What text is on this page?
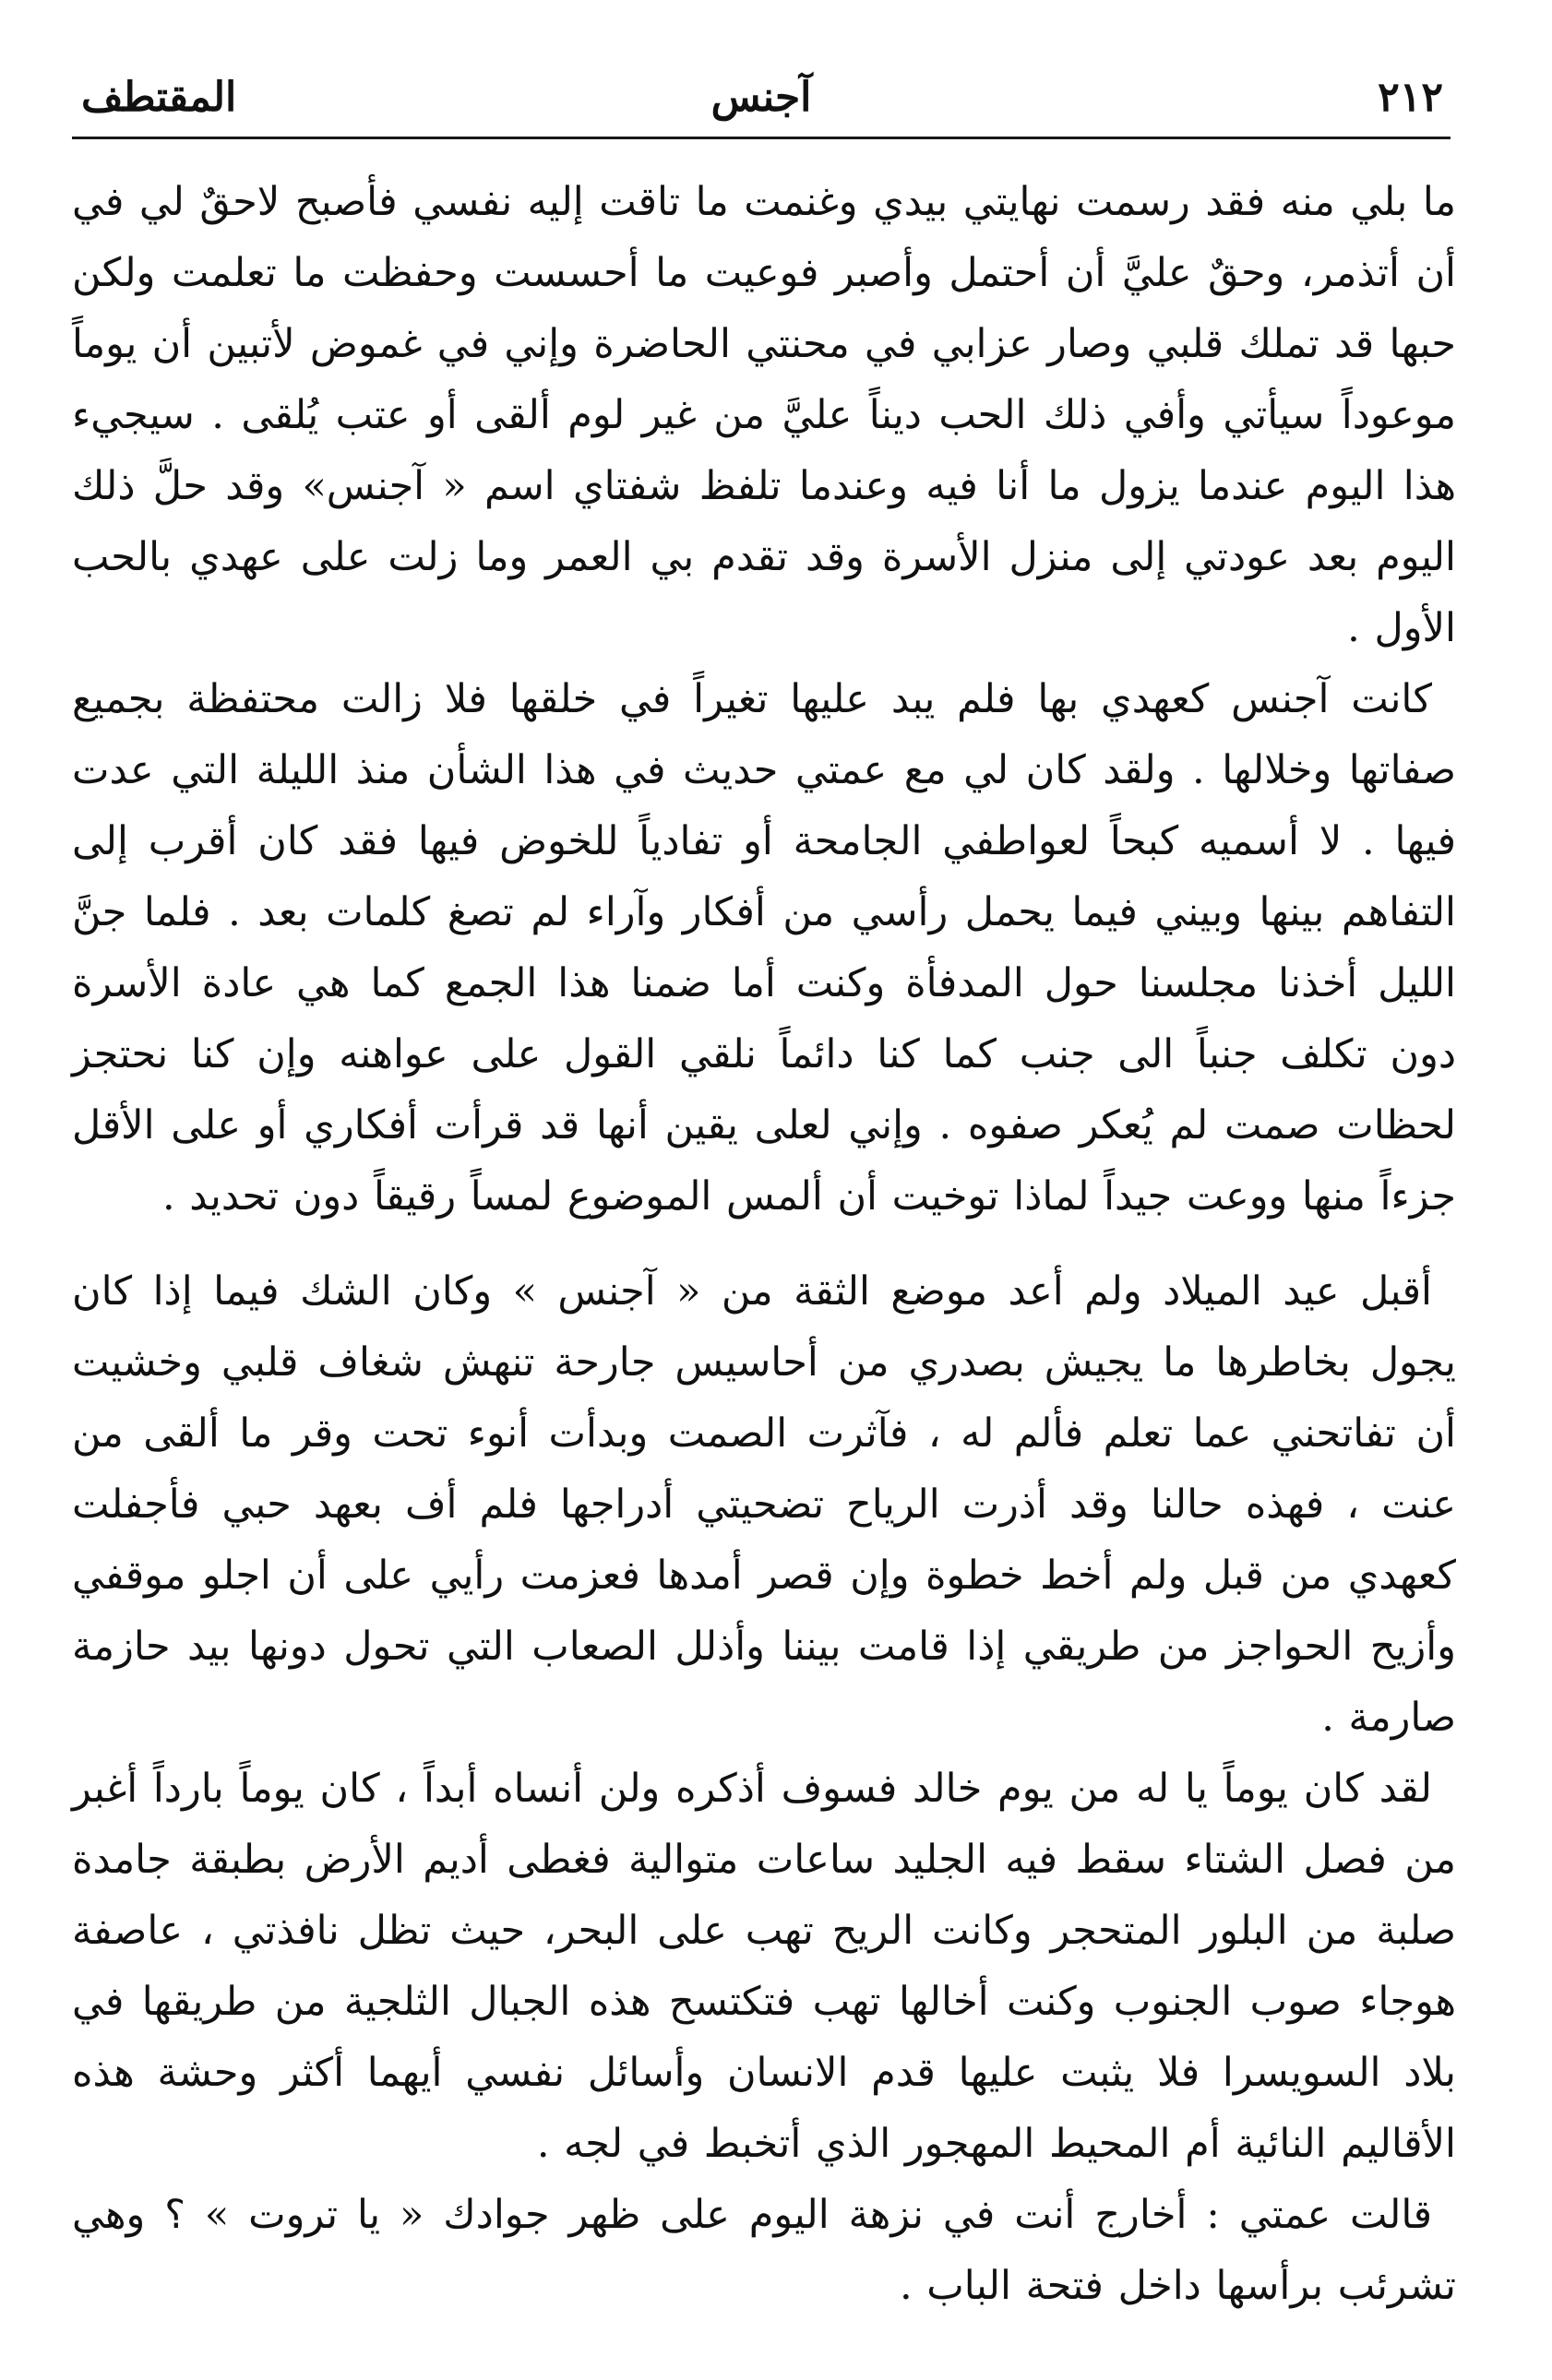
٢١٢
آجنس
المقتطف

ما بلي منه فقد رسمت نهايتي بيدي وغنمت ما تاقت إليه نفسي فأصبح لاحقٌ لي في أن أتذمر، وحقٌ عليَّ أن أحتمل وأصبر فوعيت ما أحسست وحفظت ما تعلمت ولكن حبها قد تملك قلبي وصار عزابي في محنتي الحاضرة وإني في غموض لأتبين أن يوماً موعوداً سيأتي وأفي ذلك الحب ديناً عليَّ من غير لوم ألقى أو عتب يُلقى . سيجيء هذا اليوم عندما يزول ما أنا فيه وعندما تلفظ شفتاي اسم « آجنس» وقد حلَّ ذلك اليوم بعد عودتي إلى منزل الأسرة وقد تقدم بي العمر وما زلت على عهدي بالحب الأول .

كانت آجنس كعهدي بها فلم يبد عليها تغيراً في خلقها فلا زالت محتفظة بجميع صفاتها وخلالها . ولقد كان لي مع عمتي حديث في هذا الشأن منذ الليلة التي عدت فيها . لا أسميه كبحاً لعواطفي الجامحة أو تفادياً للخوض فيها فقد كان أقرب إلى التفاهم بينها وبيني فيما يحمل رأسي من أفكار وآراء لم تصغ كلمات بعد . فلما جنَّ الليل أخذنا مجلسنا حول المدفأة وكنت أما ضمنا هذا الجمع كما هي عادة الأسرة دون تكلف جنباً الى جنب كما كنا دائماً نلقي القول على عواهنه وإن كنا نحتجز لحظات صمت لم يُعكر صفوه . وإني لعلى يقين أنها قد قرأت أفكاري أو على الأقل جزءاً منها ووعت جيداً لماذا توخيت أن ألمس الموضوع لمساً رقيقاً دون تحديد .

أقبل عيد الميلاد ولم أعد موضع الثقة من « آجنس » وكان الشك فيما إذا كان يجول بخاطرها ما يجيش بصدري من أحاسيس جارحة تنهش شغاف قلبي وخشيت أن تفاتحني عما تعلم فألم له ، فآثرت الصمت وبدأت أنوء تحت وقر ما ألقى من عنت ، فهذه حالنا وقد أذرت الرياح تضحيتي أدراجها فلم أف بعهد حبي فأجفلت كعهدي من قبل ولم أخط خطوة وإن قصر أمدها فعزمت رأيي على أن اجلو موقفي وأزيح الحواجز من طريقي إذا قامت بيننا وأذلل الصعاب التي تحول دونها بيد حازمة صارمة .

لقد كان يوماً يا له من يوم خالد فسوف أذكره ولن أنساه أبداً ، كان يوماً بارداً أغبر من فصل الشتاء سقط فيه الجليد ساعات متوالية فغطى أديم الأرض بطبقة جامدة صلبة من البلور المتحجر وكانت الريح تهب على البحر، حيث تظل نافذتي ، عاصفة هوجاء صوب الجنوب وكنت أخالها تهب فتكتسح هذه الجبال الثلجية من طريقها في بلاد السويسرا فلا يثبت عليها قدم الانسان وأسائل نفسي أيهما أكثر وحشة هذه الأقاليم النائية أم المحيط المهجور الذي أتخبط في لجه .

قالت عمتي : أخارج أنت في نزهة اليوم على ظهر جوادك « يا تروت » ؟ وهي تشرئب برأسها داخل فتحة الباب .
